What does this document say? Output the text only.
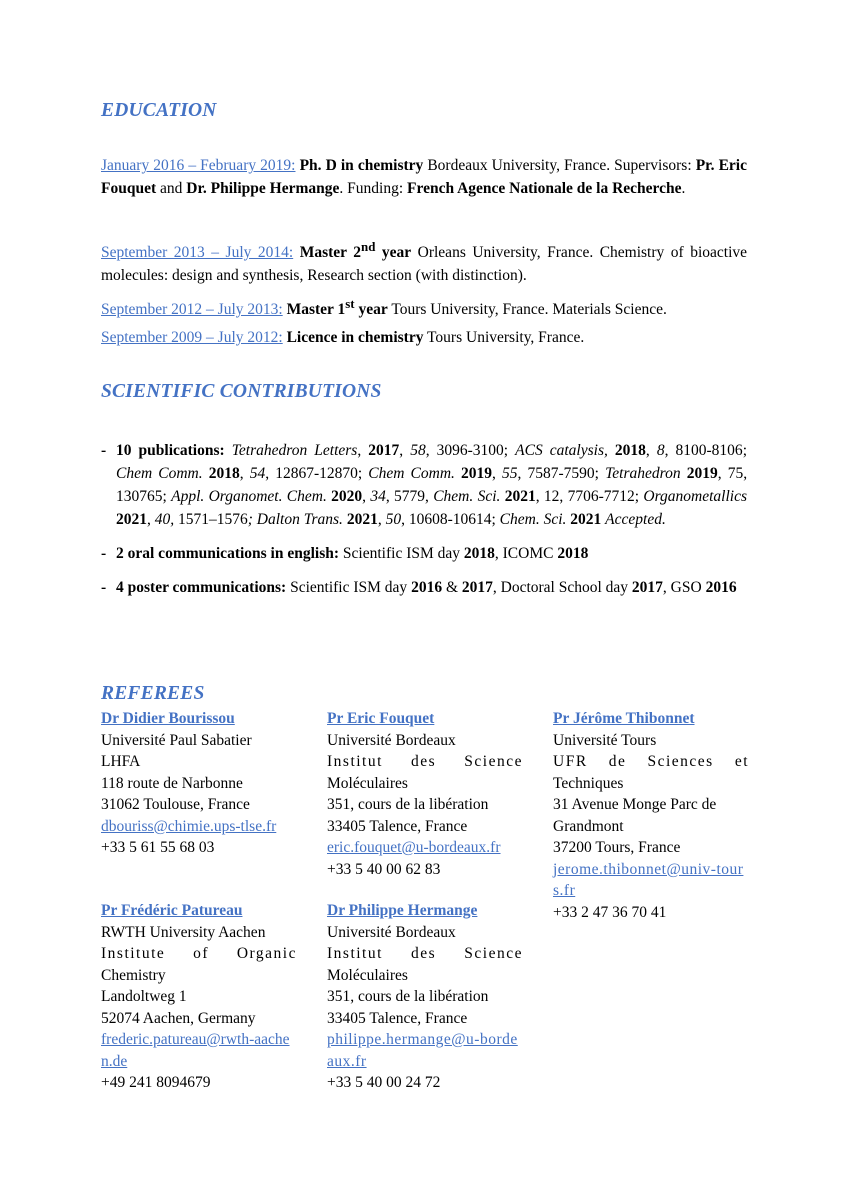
EDUCATION

January 2016 – February 2019: Ph. D in chemistry Bordeaux University, France. Supervisors: Pr. Eric Fouquet and Dr. Philippe Hermange. Funding: French Agence Nationale de la Recherche.

September 2013 – July 2014: Master 2nd year Orleans University, France. Chemistry of bioactive molecules: design and synthesis, Research section (with distinction).

September 2012 – July 2013: Master 1st year Tours University, France. Materials Science.

September 2009 – July 2012: Licence in chemistry Tours University, France.

SCIENTIFIC CONTRIBUTIONS
- 10 publications: Tetrahedron Letters, 2017, 58, 3096-3100; ACS catalysis, 2018, 8, 8100-8106; Chem Comm. 2018, 54, 12867-12870; Chem Comm. 2019, 55, 7587-7590; Tetrahedron 2019, 75, 130765; Appl. Organomet. Chem. 2020, 34, 5779, Chem. Sci. 2021, 12, 7706-7712; Organometallics 2021, 40, 1571–1576; Dalton Trans. 2021, 50, 10608-10614; Chem. Sci. 2021 Accepted.
- 2 oral communications in english: Scientific ISM day 2018, ICOMC 2018
- 4 poster communications: Scientific ISM day 2016 & 2017, Doctoral School day 2017, GSO 2016
REFEREES
Dr Didier Bourissou
Université Paul Sabatier
LHFA
118 route de Narbonne
31062 Toulouse, France
dbouriss@chimie.ups-tlse.fr
+33 5 61 55 68 03
Pr Eric Fouquet
Université Bordeaux
Institut des Science
Moléculaires
351, cours de la libération
33405 Talence, France
eric.fouquet@u-bordeaux.fr
+33 5 40 00 62 83
Pr Jérôme Thibonnet
Université Tours
UFR de Sciences et
Techniques
31 Avenue Monge Parc de
Grandmont
37200 Tours, France
jerome.thibonnet@univ-tours.fr
+33 2 47 36 70 41
Pr Frédéric Patureau
RWTH University Aachen
Institute of Organic
Chemistry
Landoltweg 1
52074 Aachen, Germany
frederic.patureau@rwth-aachen.de
+49 241 8094679
Dr Philippe Hermange
Université Bordeaux
Institut des Science
Moléculaires
351, cours de la libération
33405 Talence, France
philippe.hermange@u-bordeaux.fr
+33 5 40 00 24 72
